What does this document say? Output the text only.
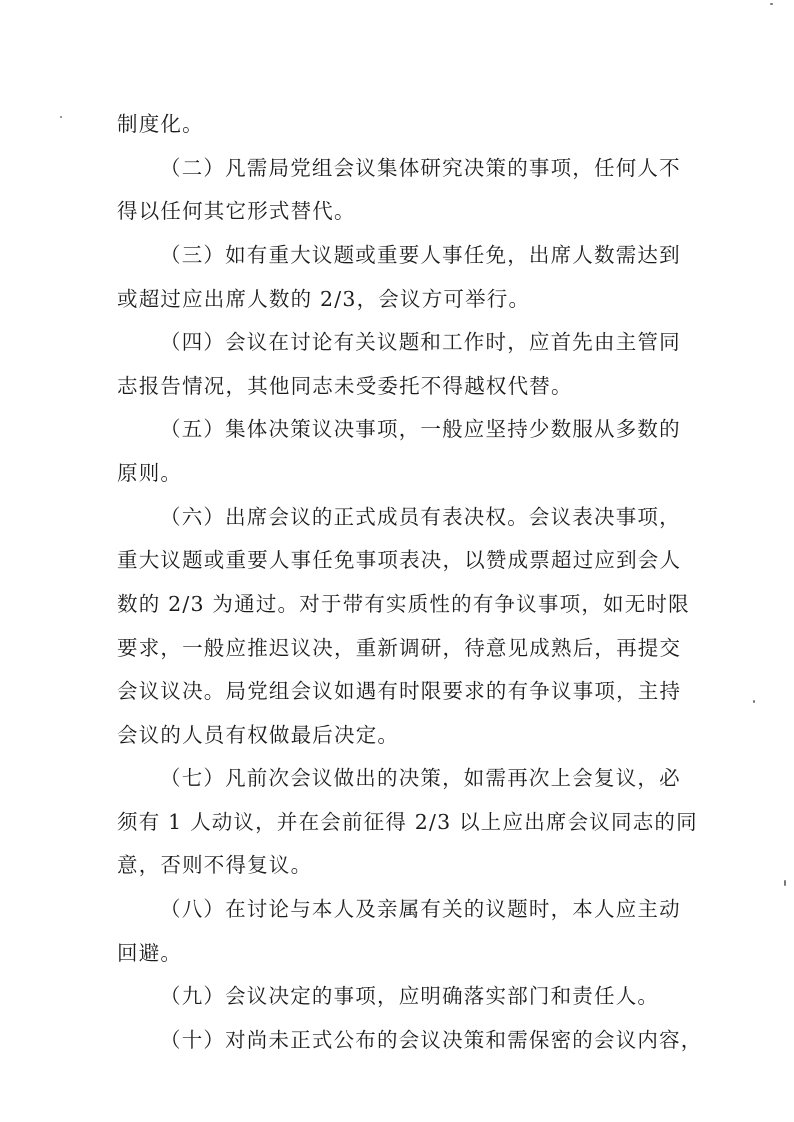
制度化。
（二）凡需局党组会议集体研究决策的事项，任何人不
得以任何其它形式替代。
（三）如有重大议题或重要人事任免，出席人数需达到
或超过应出席人数的 2/3，会议方可举行。
（四）会议在讨论有关议题和工作时，应首先由主管同
志报告情况，其他同志未受委托不得越权代替。
（五）集体决策议决事项，一般应坚持少数服从多数的
原则。
（六）出席会议的正式成员有表决权。会议表决事项，
重大议题或重要人事任免事项表决，以赞成票超过应到会人
数的 2/3 为通过。对于带有实质性的有争议事项，如无时限
要求，一般应推迟议决，重新调研，待意见成熟后，再提交
会议议决。局党组会议如遇有时限要求的有争议事项，主持
会议的人员有权做最后决定。
（七）凡前次会议做出的决策，如需再次上会复议，必
须有 1 人动议，并在会前征得 2/3 以上应出席会议同志的同
意，否则不得复议。
（八）在讨论与本人及亲属有关的议题时，本人应主动
回避。
（九）会议决定的事项，应明确落实部门和责任人。
（十）对尚未正式公布的会议决策和需保密的会议内容，
